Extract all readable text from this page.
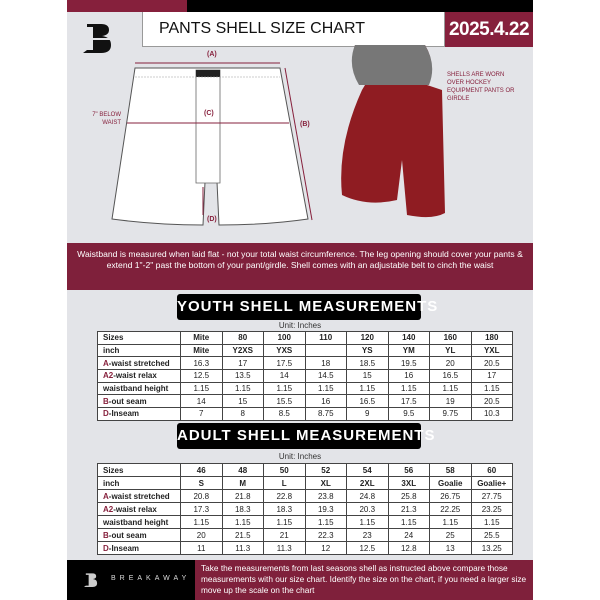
PANTS SHELL SIZE CHART	2025.4.22
(A)
(C)
(B)
(D)
7" BELOW WAIST
SHELLS ARE WORN OVER HOCKEY EQUIPMENT PANTS OR GIRDLE
Waistband is measured when laid flat - not your total waist circumference. The leg opening should cover your pants & extend 1"-2" past the bottom of your pant/girdle. Shell comes with an adjustable belt to cinch the waist
YOUTH SHELL MEASUREMENTS
Unit: Inches
Sizes	Mite	80	100	110	120	140	160	180
inch	Mite	Y2XS	YXS		YS	YM	YL	YXL
A-waist stretched	16.3	17	17.5	18	18.5	19.5	20	20.5
A2-waist relax	12.5	13.5	14	14.5	15	16	16.5	17
waistband height	1.15	1.15	1.15	1.15	1.15	1.15	1.15	1.15
B-out seam	14	15	15.5	16	16.5	17.5	19	20.5
D-Inseam	7	8	8.5	8.75	9	9.5	9.75	10.3
ADULT SHELL MEASUREMENTS
Unit: Inches
Sizes	46	48	50	52	54	56	58	60
inch	S	M	L	XL	2XL	3XL	Goalie	Goalie+
A-waist stretched	20.8	21.8	22.8	23.8	24.8	25.8	26.75	27.75
A2-waist relax	17.3	18.3	18.3	19.3	20.3	21.3	22.25	23.25
waistband height	1.15	1.15	1.15	1.15	1.15	1.15	1.15	1.15
B-out seam	20	21.5	21	22.3	23	24	25	25.5
D-Inseam	11	11.3	11.3	12	12.5	12.8	13	13.25
BREAKAWAY
Take the measurements from last seasons shell as instructed above compare those measurements with our size chart. Identify the size on the chart, if you need a larger size move up the scale on the chart
